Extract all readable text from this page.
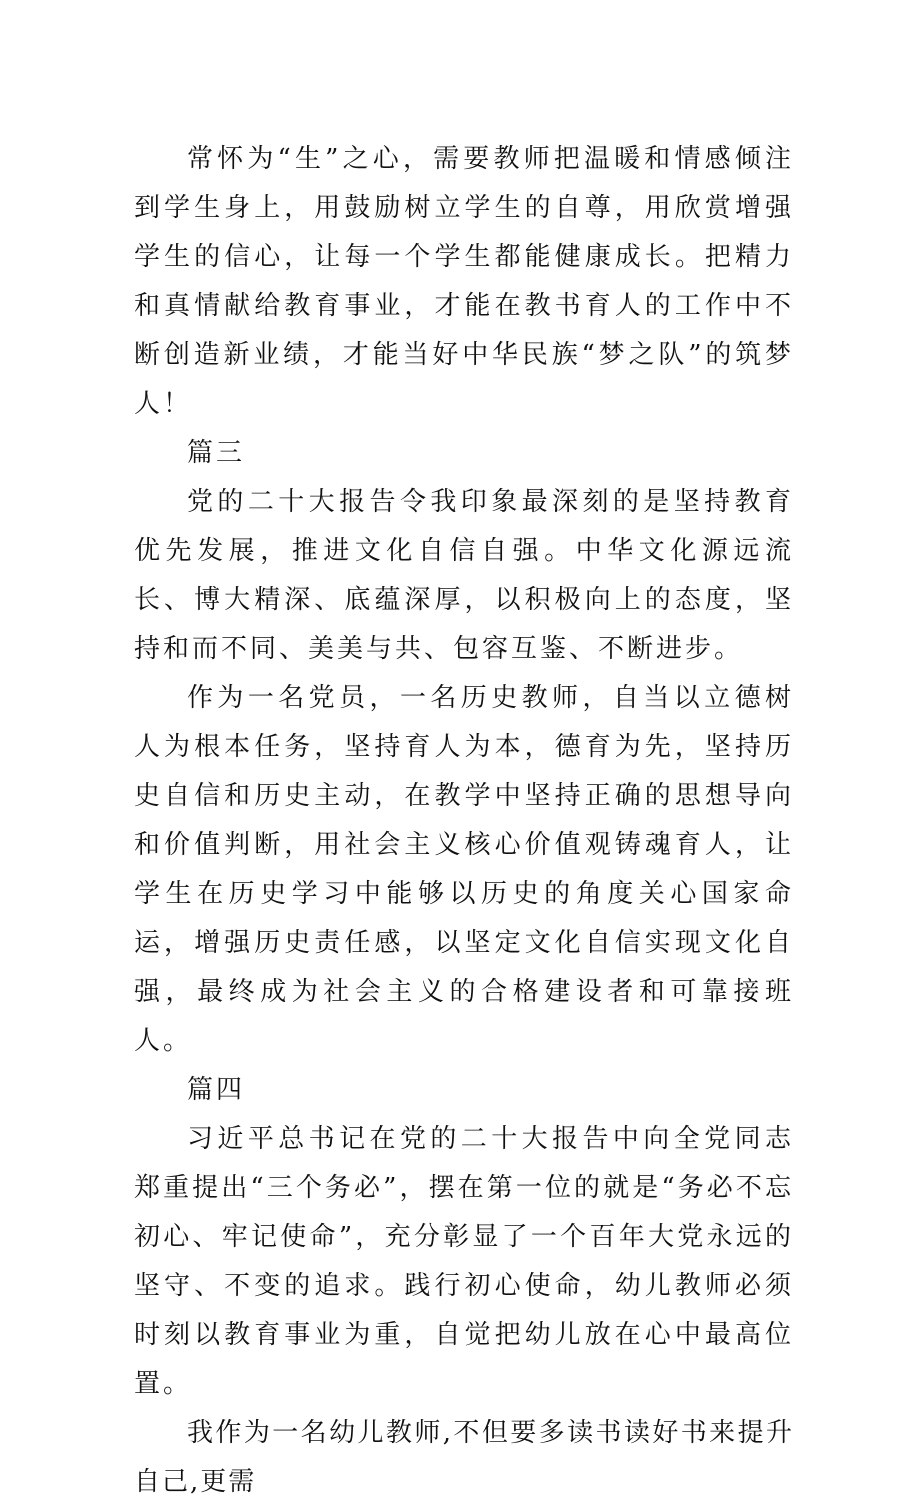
常怀为“生”之心，需要教师把温暖和情感倾注到学生身上，用鼓励树立学生的自尊，用欣赏增强学生的信心，让每一个学生都能健康成长。把精力和真情献给教育事业，才能在教书育人的工作中不断创造新业绩，才能当好中华民族“梦之队”的筑梦人！

篇三

党的二十大报告令我印象最深刻的是坚持教育优先发展，推进文化自信自强。中华文化源远流长、博大精深、底蕴深厚，以积极向上的态度，坚持和而不同、美美与共、包容互鉴、不断进步。

作为一名党员，一名历史教师，自当以立德树人为根本任务，坚持育人为本，德育为先，坚持历史自信和历史主动，在教学中坚持正确的思想导向和价值判断，用社会主义核心价值观铸魂育人，让学生在历史学习中能够以历史的角度关心国家命运，增强历史责任感，以坚定文化自信实现文化自强，最终成为社会主义的合格建设者和可靠接班人。

篇四

习近平总书记在党的二十大报告中向全党同志郑重提出“三个务必”，摆在第一位的就是“务必不忘初心、牢记使命”，充分彰显了一个百年大党永远的坚守、不变的追求。践行初心使命，幼儿教师必须时刻以教育事业为重，自觉把幼儿放在心中最高位置。

我作为一名幼儿教师,不但要多读书读好书来提升自己,更需
